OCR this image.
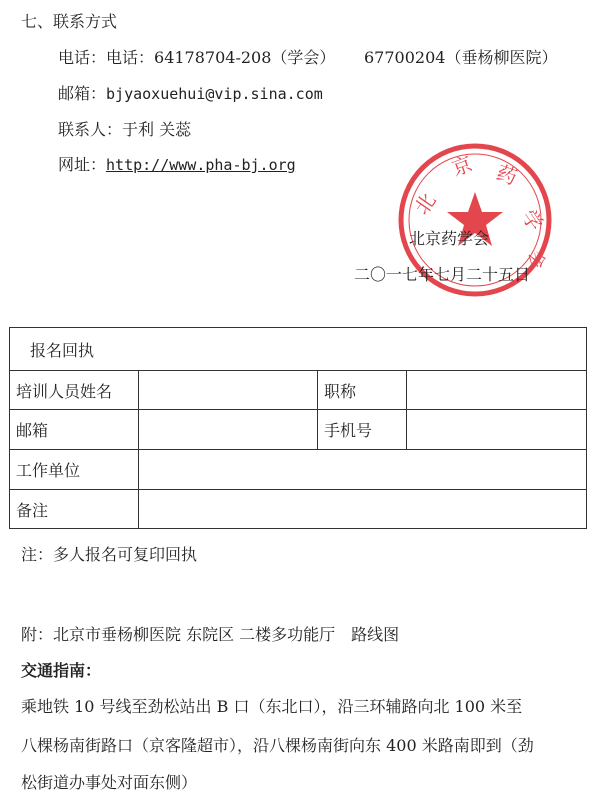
七、联系方式
电话：电话：64178704-208（学会） 67700204（垂杨柳医院）
邮箱：bjyaoxuehui@vip.sina.com
联系人：于利 关蕊
网址：http://www.pha-bj.org
北
京 药
学
会
北京药学会
二〇一七年七月二十五日
报名回执			
培训人员姓名		职称	
邮箱		手机号	
工作单位			
备注			
注：多人报名可复印回执
附：北京市垂杨柳医院 东院区 二楼多功能厅　路线图
交通指南：
乘地铁 10 号线至劲松站出 B 口（东北口），沿三环辅路向北 100 米至
八棵杨南街路口（京客隆超市），沿八棵杨南街向东 400 米路南即到（劲
松街道办事处对面东侧）
